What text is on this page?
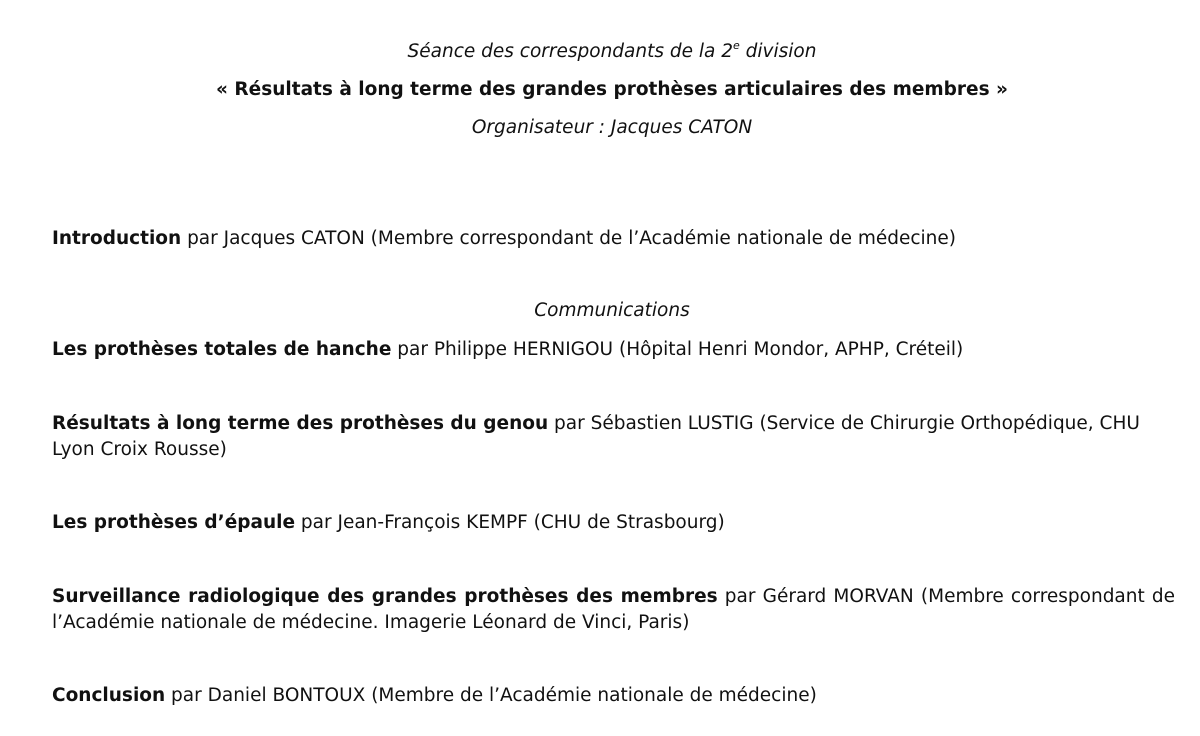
Séance des correspondants de la 2e division
« Résultats à long terme des grandes prothèses articulaires des membres »
Organisateur : Jacques CATON
Introduction par Jacques CATON (Membre correspondant de l’Académie nationale de médecine)
Communications
Les prothèses totales de hanche par Philippe HERNIGOU (Hôpital Henri Mondor, APHP, Créteil)
Résultats à long terme des prothèses du genou par Sébastien LUSTIG (Service de Chirurgie Orthopédique, CHU Lyon Croix Rousse)
Les prothèses d’épaule par Jean-François KEMPF (CHU de Strasbourg)
Surveillance radiologique des grandes prothèses des membres par Gérard MORVAN (Membre correspondant de l’Académie nationale de médecine. Imagerie Léonard de Vinci, Paris)
Conclusion par Daniel BONTOUX (Membre de l’Académie nationale de médecine)
